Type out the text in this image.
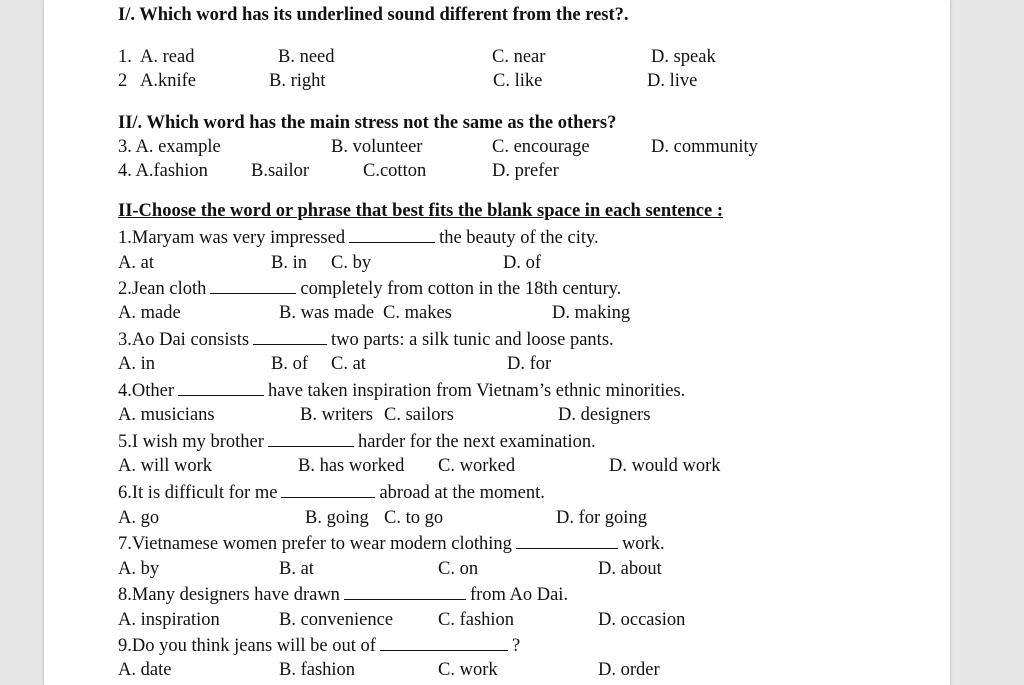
I/. Which word has its underlined sound different from the rest?.
1. A. read	B. need	C. near	D. speak
2 A.knife	B. right	C. like	D. live
II/. Which word has the main stress not the same as the others?
3. A. example	B. volunteer	C. encourage	D. community
4. A.fashion B.sailor	C.cotton	D. prefer
II-Choose the word or phrase that best fits the blank space in each sentence :
1.Maryam was very impressed	the beauty of the city.
A. at	B. in C. by	D. of
2.Jean cloth	completely from cotton in the 18th century.
A. made	B. was made C. makes	D. making
3.Ao Dai consists	two parts: a silk tunic and loose pants.
A. in	B. of C. at	D. for
4.Other	have taken inspiration from Vietnam’s ethnic minorities.
A. musicians	B. writers C. sailors	D. designers
5.I wish my brother	harder for the next examination.
A. will work	B. has worked C. worked	D. would work
6.It is difficult for me	abroad at the moment.
A. go	B. going C. to go	D. for going
7.Vietnamese women prefer to wear modern clothing	work.
A. by	B. at	C. on	D. about
8.Many designers have drawn	from Ao Dai.
A. inspiration	B. convenience C. fashion	D. occasion
9.Do you think jeans will be out of	?
A. date	B. fashion	C. work	D. order
